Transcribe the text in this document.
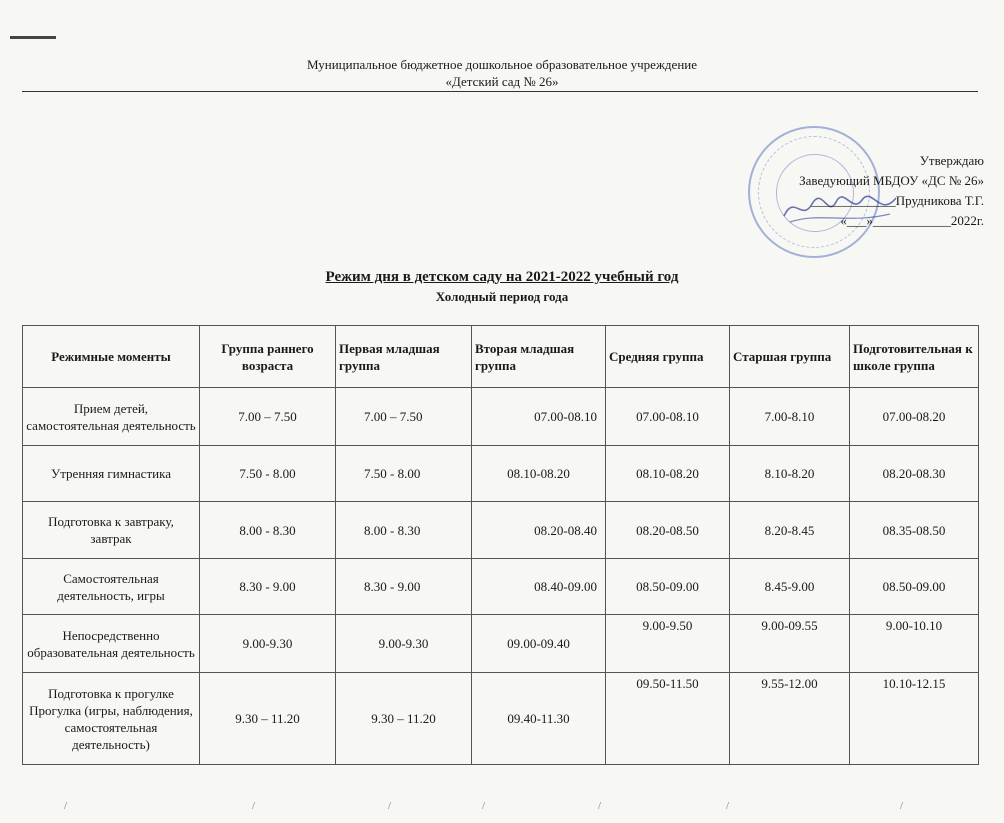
Муниципальное бюджетное дошкольное образовательное учреждение
«Детский сад № 26»
Утверждаю
Заведующий МБДОУ «ДС № 26»
_____________Прудникова Т.Г.
«___»____________2022г.
Режим дня в детском саду на 2021-2022 учебный год
Холодный период года
Режимные моменты	Группа раннего возраста	Первая младшая группа	Вторая младшая группа	Средняя группа	Старшая группа	Подготовительная к школе группа
Прием детей, самостоятельная деятельность	7.00 – 7.50	7.00 – 7.50	07.00-08.10	07.00-08.10	7.00-8.10	07.00-08.20
Утренняя гимнастика	7.50 - 8.00	7.50 - 8.00	08.10-08.20	08.10-08.20	8.10-8.20	08.20-08.30
Подготовка к завтраку, завтрак	8.00 - 8.30	8.00 - 8.30	08.20-08.40	08.20-08.50	8.20-8.45	08.35-08.50
Самостоятельная деятельность, игры	8.30 - 9.00	8.30 - 9.00	08.40-09.00	08.50-09.00	8.45-9.00	08.50-09.00
Непосредственно образовательная деятельность	9.00-9.30	9.00-9.30	09.00-09.40	9.00-9.50	9.00-09.55	9.00-10.10
Подготовка к прогулке Прогулка (игры, наблюдения, самостоятельная деятельность)	9.30 – 11.20	9.30 – 11.20	09.40-11.30	09.50-11.50	9.55-12.00	10.10-12.15
/	/	/	/	/	/	/
